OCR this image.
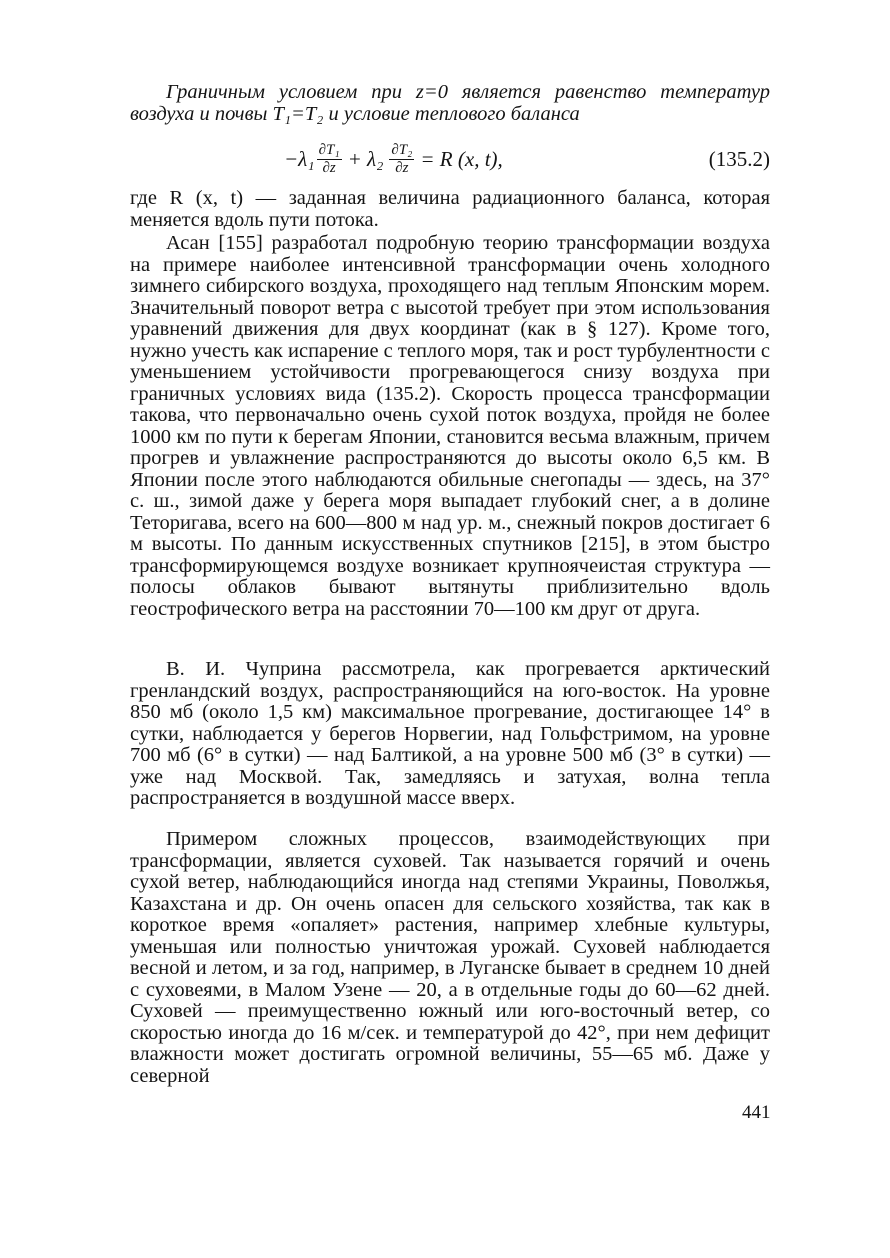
Граничным условием при z=0 является равенство температур воздуха и почвы T₁=T₂ и условие теплового баланса

$-\lambda_1 \frac{\text{∂T₁}}{\partial z} + \lambda_2 \frac{\text{∂T₂}}{\partial z} = R$ (x, t),	(135.2)

где R (x, t) — заданная величина радиационного баланса, которая меняется вдоль пути потока.

Асан [155] разработал подробную теорию трансформации воздуха на примере наиболее интенсивной трансформации очень холодного зимнего сибирского воздуха, проходящего над теплым Японским морем. Значительный поворот ветра с высотой требует при этом использования уравнений движения для двух координат (как в § 127). Кроме того, нужно учесть как испарение с теплого моря, так и рост турбулентности с уменьшением устойчивости прогревающегося снизу воздуха при граничных условиях вида (135.2). Скорость процесса трансформации такова, что первоначально очень сухой поток воздуха, пройдя не более 1000 км по пути к берегам Японии, становится весьма влажным, причем прогрев и увлажнение распространяются до высоты около 6,5 км. В Японии после этого наблюдаются обильные снегопады — здесь, на 37° с. ш., зимой даже у берега моря выпадает глубокий снег, а в долине Теторигава, всего на 600—800 м над ур. м., снежный покров достигает 6 м высоты. По данным искусственных спутников [215], в этом быстро трансформирующемся воздухе возникает крупноячеистая структура — полосы облаков бывают вытянуты приблизительно вдоль геострофического ветра на расстоянии 70—100 км друг от друга.

В. И. Чуприна рассмотрела, как прогревается арктический гренландский воздух, распространяющийся на юго-восток. На уровне 850 мб (около 1,5 км) максимальное прогревание, достигающее 14° в сутки, наблюдается у берегов Норвегии, над Гольфстримом, на уровне 700 мб (6° в сутки) — над Балтикой, а на уровне 500 мб (3° в сутки) — уже над Москвой. Так, замедляясь и затухая, волна тепла распространяется в воздушной массе вверх.

Примером сложных процессов, взаимодействующих при трансформации, является суховей. Так называется горячий и очень сухой ветер, наблюдающийся иногда над степями Украины, Поволжья, Казахстана и др. Он очень опасен для сельского хозяйства, так как в короткое время «опаляет» растения, например хлебные культуры, уменьшая или полностью уничтожая урожай. Суховей наблюдается весной и летом, и за год, например, в Луганске бывает в среднем 10 дней с суховеями, в Малом Узене — 20, а в отдельные годы до 60—62 дней. Суховей — преимущественно южный или юго-восточный ветер, со скоростью иногда до 16 м/сек. и температурой до 42°, при нем дефицит влажности может достигать огромной величины, 55—65 мб. Даже у северной

441
